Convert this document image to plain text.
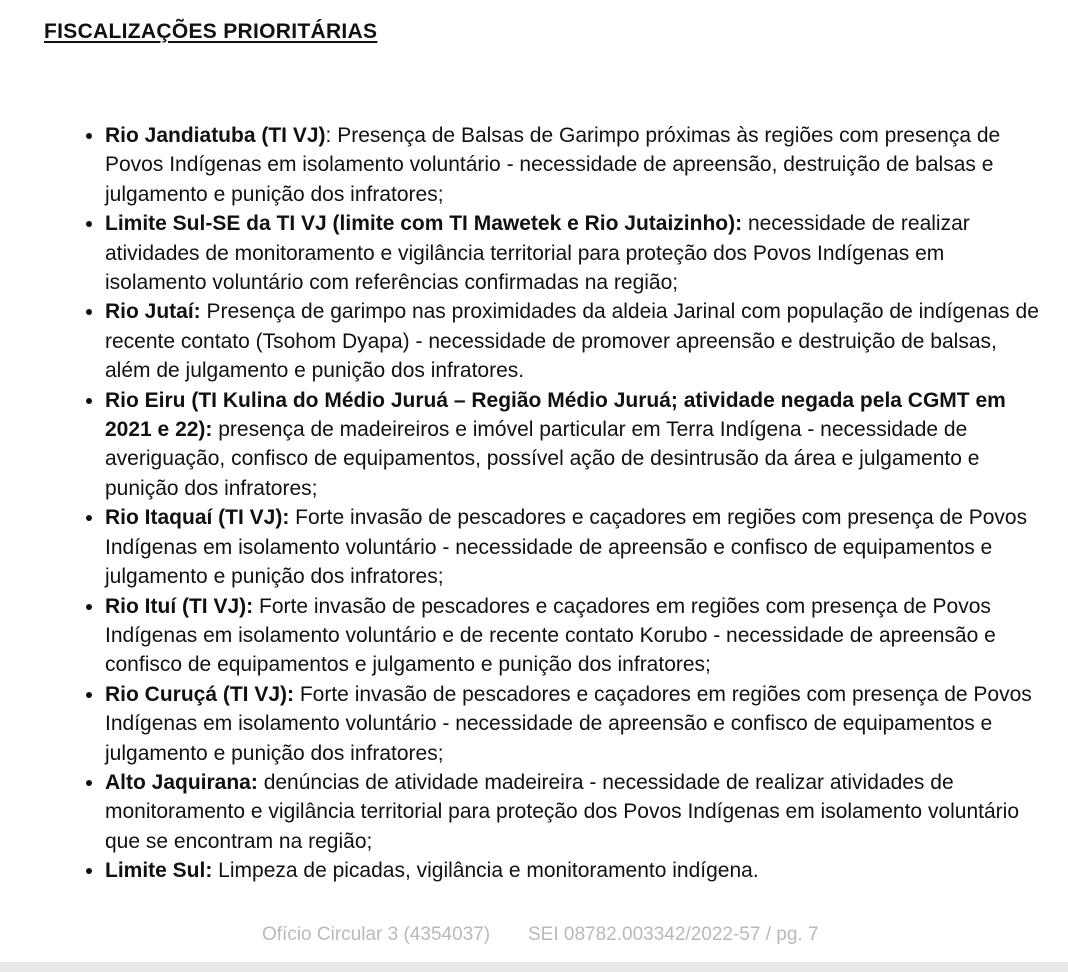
FISCALIZAÇÕES PRIORITÁRIAS
• Rio Jandiatuba (TI VJ): Presença de Balsas de Garimpo próximas às regiões com presença de Povos Indígenas em isolamento voluntário - necessidade de apreensão, destruição de balsas e julgamento e punição dos infratores;
• Limite Sul-SE da TI VJ (limite com TI Mawetek e Rio Jutaizinho): necessidade de realizar atividades de monitoramento e vigilância territorial para proteção dos Povos Indígenas em isolamento voluntário com referências confirmadas na região;
• Rio Jutaí: Presença de garimpo nas proximidades da aldeia Jarinal com população de indígenas de recente contato (Tsohom Dyapa) - necessidade de promover apreensão e destruição de balsas, além de julgamento e punição dos infratores.
• Rio Eiru (TI Kulina do Médio Juruá – Região Médio Juruá; atividade negada pela CGMT em 2021 e 22): presença de madeireiros e imóvel particular em Terra Indígena - necessidade de averiguação, confisco de equipamentos, possível ação de desintrusão da área e julgamento e punição dos infratores;
• Rio Itaquaí (TI VJ): Forte invasão de pescadores e caçadores em regiões com presença de Povos Indígenas em isolamento voluntário - necessidade de apreensão e confisco de equipamentos e julgamento e punição dos infratores;
• Rio Ituí (TI VJ): Forte invasão de pescadores e caçadores em regiões com presença de Povos Indígenas em isolamento voluntário e de recente contato Korubo - necessidade de apreensão e confisco de equipamentos e julgamento e punição dos infratores;
• Rio Curuçá (TI VJ): Forte invasão de pescadores e caçadores em regiões com presença de Povos Indígenas em isolamento voluntário - necessidade de apreensão e confisco de equipamentos e julgamento e punição dos infratores;
• Alto Jaquirana: denúncias de atividade madeireira - necessidade de realizar atividades de monitoramento e vigilância territorial para proteção dos Povos Indígenas em isolamento voluntário que se encontram na região;
• Limite Sul: Limpeza de picadas, vigilância e monitoramento indígena.
Ofício Circular 3 (4354037) SEI 08782.003342/2022-57 / pg. 7
